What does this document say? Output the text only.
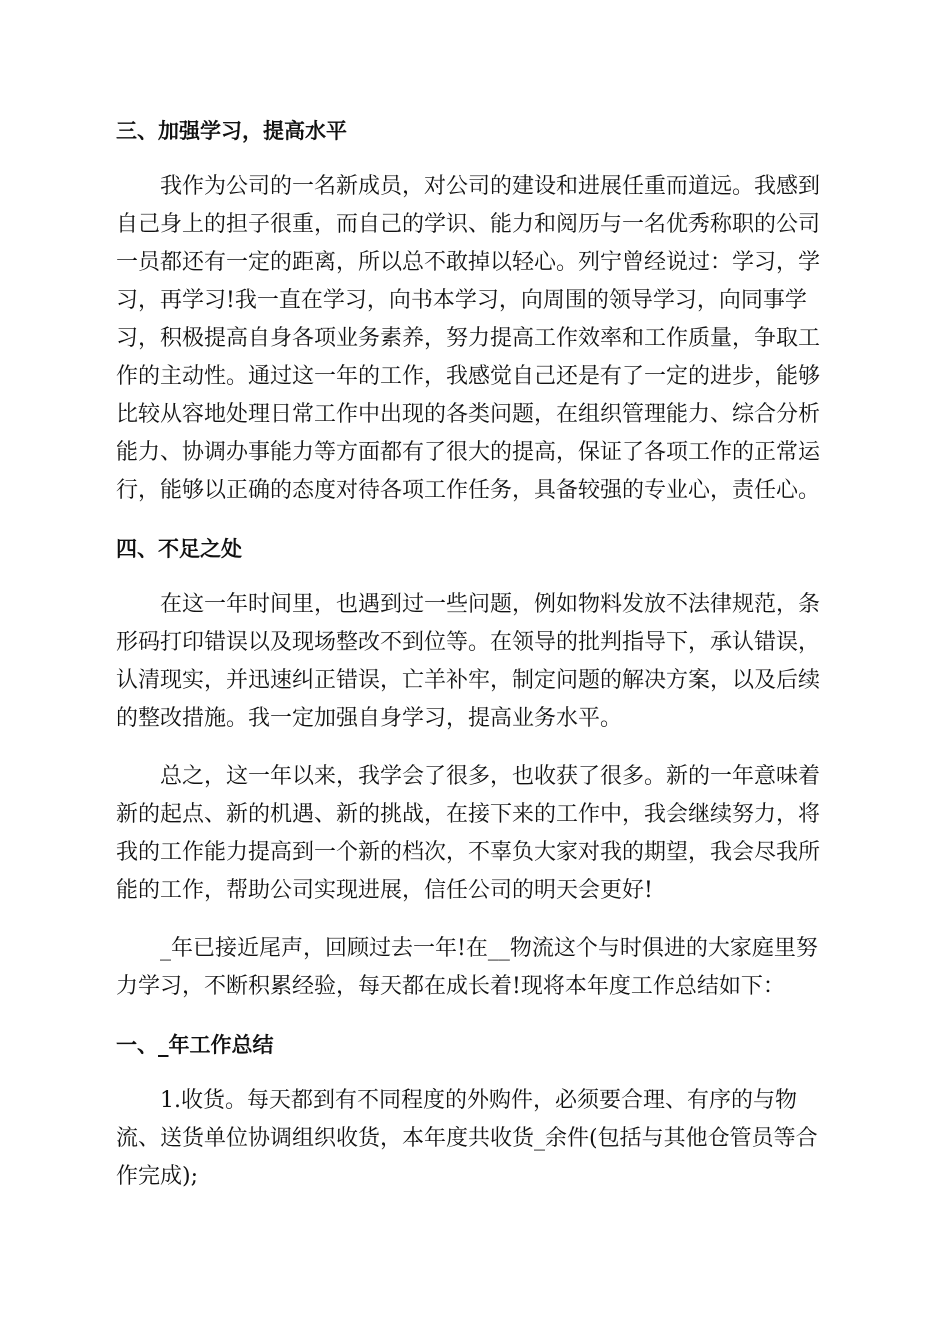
三、加强学习，提高水平
我作为公司的一名新成员，对公司的建设和进展任重而道远。我感到
自己身上的担子很重，而自己的学识、能力和阅历与一名优秀称职的公司
一员都还有一定的距离，所以总不敢掉以轻心。列宁曾经说过：学习，学
习，再学习!我一直在学习，向书本学习，向周围的领导学习，向同事学
习，积极提高自身各项业务素养，努力提高工作效率和工作质量，争取工
作的主动性。通过这一年的工作，我感觉自己还是有了一定的进步，能够
比较从容地处理日常工作中出现的各类问题，在组织管理能力、综合分析
能力、协调办事能力等方面都有了很大的提高，保证了各项工作的正常运
行，能够以正确的态度对待各项工作任务，具备较强的专业心，责任心。
四、不足之处
在这一年时间里，也遇到过一些问题，例如物料发放不法律规范，条
形码打印错误以及现场整改不到位等。在领导的批判指导下，承认错误，
认清现实，并迅速纠正错误，亡羊补牢，制定问题的解决方案，以及后续
的整改措施。我一定加强自身学习，提高业务水平。
总之，这一年以来，我学会了很多，也收获了很多。新的一年意味着
新的起点、新的机遇、新的挑战，在接下来的工作中，我会继续努力，将
我的工作能力提高到一个新的档次，不辜负大家对我的期望，我会尽我所
能的工作，帮助公司实现进展，信任公司的明天会更好!
_年已接近尾声，回顾过去一年!在__物流这个与时俱进的大家庭里努
力学习，不断积累经验，每天都在成长着!现将本年度工作总结如下：
一、_年工作总结
1.收货。每天都到有不同程度的外购件，必须要合理、有序的与物
流、送货单位协调组织收货，本年度共收货_余件(包括与其他仓管员等合
作完成);
